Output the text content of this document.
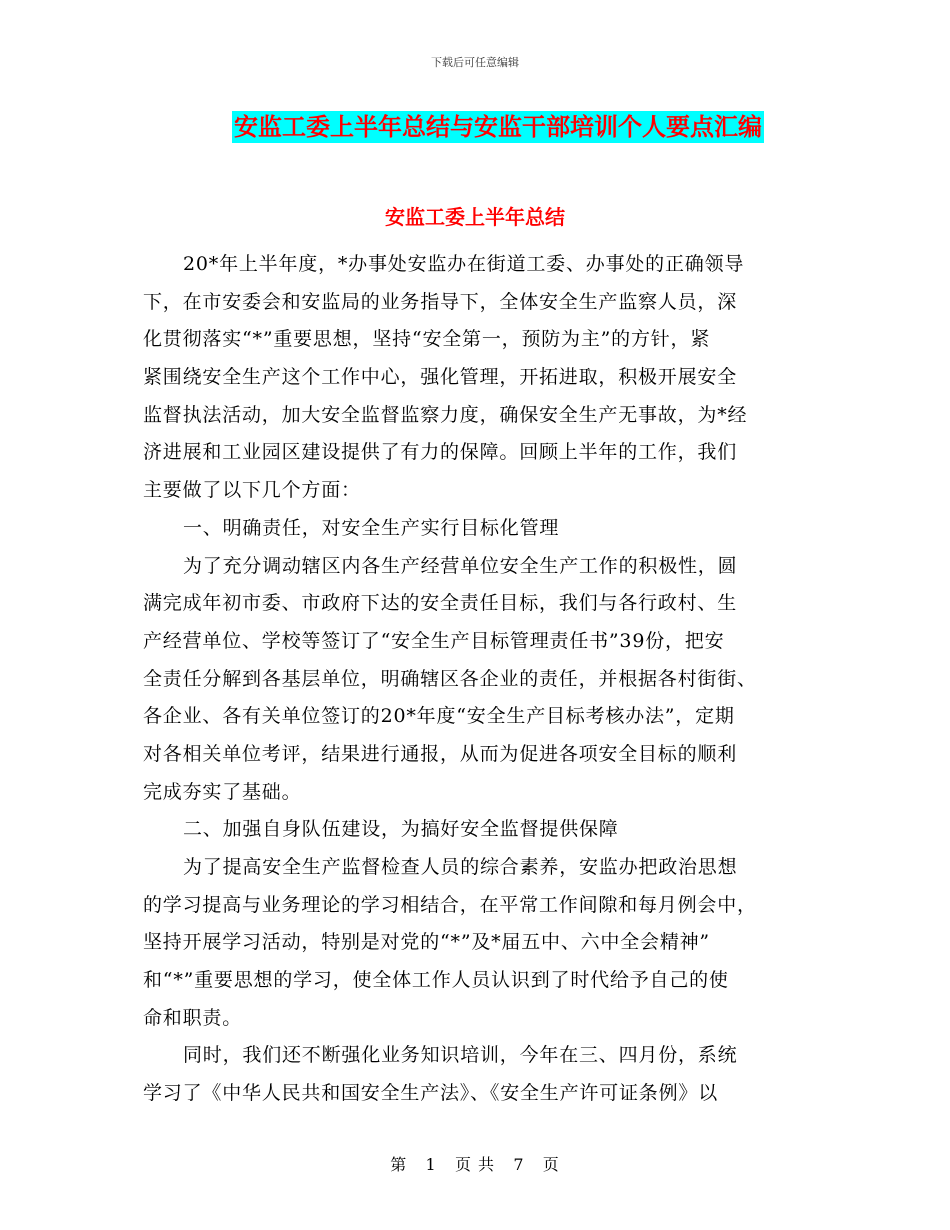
下载后可任意编辑
安监工委上半年总结与安监干部培训个人要点汇编
安监工委上半年总结
20*年上半年度，*办事处安监办在街道工委、办事处的正确领导
下，在市安委会和安监局的业务指导下，全体安全生产监察人员，深
化贯彻落实“*”重要思想，坚持“安全第一，预防为主”的方针，紧
紧围绕安全生产这个工作中心，强化管理，开拓进取，积极开展安全
监督执法活动，加大安全监督监察力度，确保安全生产无事故，为*经
济进展和工业园区建设提供了有力的保障。回顾上半年的工作，我们
主要做了以下几个方面：
一、明确责任，对安全生产实行目标化管理
为了充分调动辖区内各生产经营单位安全生产工作的积极性，圆
满完成年初市委、市政府下达的安全责任目标，我们与各行政村、生
产经营单位、学校等签订了“安全生产目标管理责任书”39份，把安
全责任分解到各基层单位，明确辖区各企业的责任，并根据各村街街、
各企业、各有关单位签订的20*年度“安全生产目标考核办法”，定期
对各相关单位考评，结果进行通报，从而为促进各项安全目标的顺利
完成夯实了基础。
二、加强自身队伍建设，为搞好安全监督提供保障
为了提高安全生产监督检查人员的综合素养，安监办把政治思想
的学习提高与业务理论的学习相结合，在平常工作间隙和每月例会中，
坚持开展学习活动，特别是对党的“*”及*届五中、六中全会精神”
和“*”重要思想的学习，使全体工作人员认识到了时代给予自己的使
命和职责。
同时，我们还不断强化业务知识培训，今年在三、四月份，系统
学习了《中华人民共和国安全生产法》、《安全生产许可证条例》以
第 1 页 共 7 页
